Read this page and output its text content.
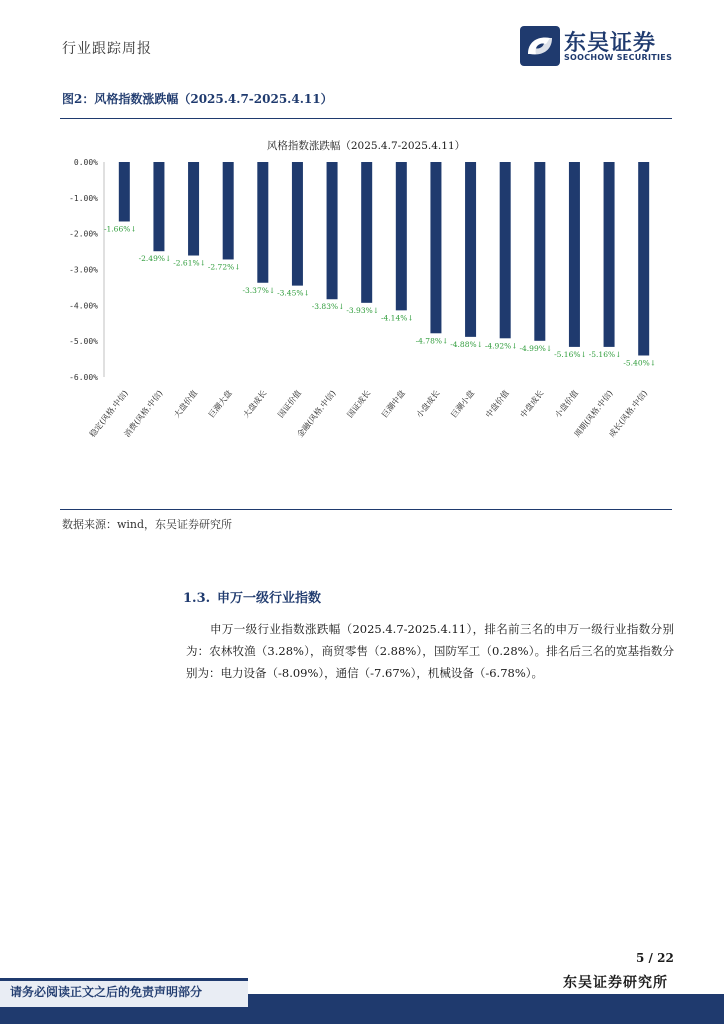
行业跟踪周报	东吴证券
SOOCHOW SECURITIES
图2：风格指数涨跌幅（2025.4.7-2025.4.11）
风格指数涨跌幅（2025.4.7-2025.4.11）
0.00%
-1.00%
-2.00%
-3.00%
-4.00%
-5.00%
-6.00%
-1.66%↓
-2.49%↓ -2.61%↓ -2.72%↓
-3.37%↓ -3.45%↓
-3.83%↓ -3.93%↓
-4.14%↓
-4.78%↓ -4.88%↓ -4.92%↓ -4.99%↓
-5.16%↓ -5.16%↓
-5.40%↓
稳定(风格.中信)
消费(风格.中信) 大盘价值 巨潮大盘 大盘成长 国证价值
金融(风格.中信) 国证成长 巨潮中盘 小盘成长 巨潮小盘 中盘价值 中盘成长 小盘价值
周期(风格.中信)
成长(风格.中信)
数据来源：wind，东吴证券研究所
1.3. 申万一级行业指数
申万一级行业指数涨跌幅（2025.4.7-2025.4.11），排名前三名的申万一级行业指数分别为：农林牧渔（3.28%），商贸零售（2.88%），国防军工（0.28%）。排名后三名的宽基指数分别为：电力设备（-8.09%），通信（-7.67%），机械设备（-6.78%）。
5 / 22
东吴证券研究所
请务必阅读正文之后的免责声明部分
